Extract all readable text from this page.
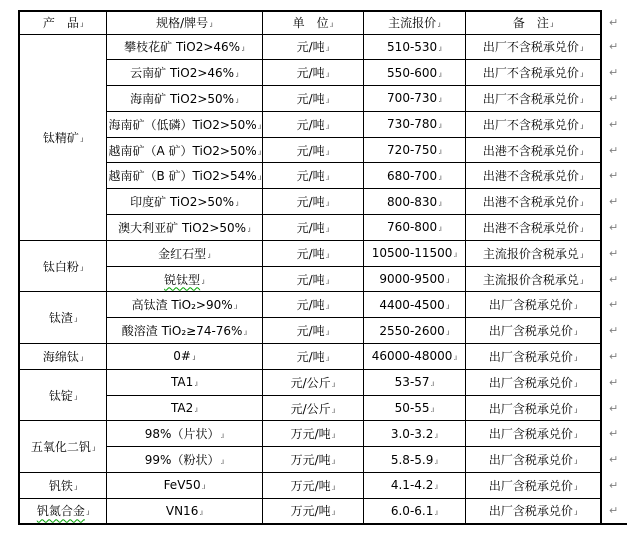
产　品.ı	规格/牌号.ı	单　位.ı	主流报价.ı	备　注.ı	↵
钛精矿.ı	攀枝花矿 TiO2>46%.ı	元/吨.ı	510-530.ı	出厂不含税承兑价.ı	↵
	云南矿 TiO2>46%.ı	元/吨.ı	550-600.ı	出厂不含税承兑价.ı	↵
	海南矿 TiO2>50%.ı	元/吨.ı	700-730.ı	出厂不含税承兑价.ı	↵
	海南矿（低磷）TiO2>50%.ı	元/吨.ı	730-780.ı	出厂不含税承兑价.ı	↵
	越南矿（A 矿）TiO2>50%.ı	元/吨.ı	720-750.ı	出港不含税承兑价.ı	↵
	越南矿（B 矿）TiO2>54%.ı	元/吨.ı	680-700.ı	出港不含税承兑价.ı	↵
	印度矿 TiO2>50%.ı	元/吨.ı	800-830.ı	出港不含税承兑价.ı	↵
	澳大利亚矿 TiO2>50%.ı	元/吨.ı	760-800.ı	出港不含税承兑价.ı	↵
钛白粉.ı	金红石型.ı	元/吨.ı	10500-11500.ı	主流报价含税承兑.ı	↵
	锐钛型.ı	元/吨.ı	9000-9500.ı	主流报价含税承兑.ı	↵
钛渣.ı	高钛渣 TiO₂>90%.ı	元/吨.ı	4400-4500.ı	出厂含税承兑价.ı	↵
	酸溶渣 TiO₂≥74-76%.ı	元/吨.ı	2550-2600.ı	出厂含税承兑价.ı	↵
海绵钛.ı	0#.ı	元/吨.ı	46000-48000.ı	出厂含税承兑价.ı	↵
钛锭.ı	TA1.ı	元/公斤.ı	53-57.ı	出厂含税承兑价.ı	↵
	TA2.ı	元/公斤.ı	50-55.ı	出厂含税承兑价.ı	↵
五氧化二钒.ı	98%（片状）.ı	万元/吨.ı	3.0-3.2.ı	出厂含税承兑价.ı	↵
	99%（粉状）.ı	万元/吨.ı	5.8-5.9.ı	出厂含税承兑价.ı	↵
钒铁.ı	FeV50.ı	万元/吨.ı	4.1-4.2.ı	出厂含税承兑价.ı	↵
钒氮合金.ı	VN16.ı	万元/吨.ı	6.0-6.1.ı	出厂含税承兑价.ı	↵
